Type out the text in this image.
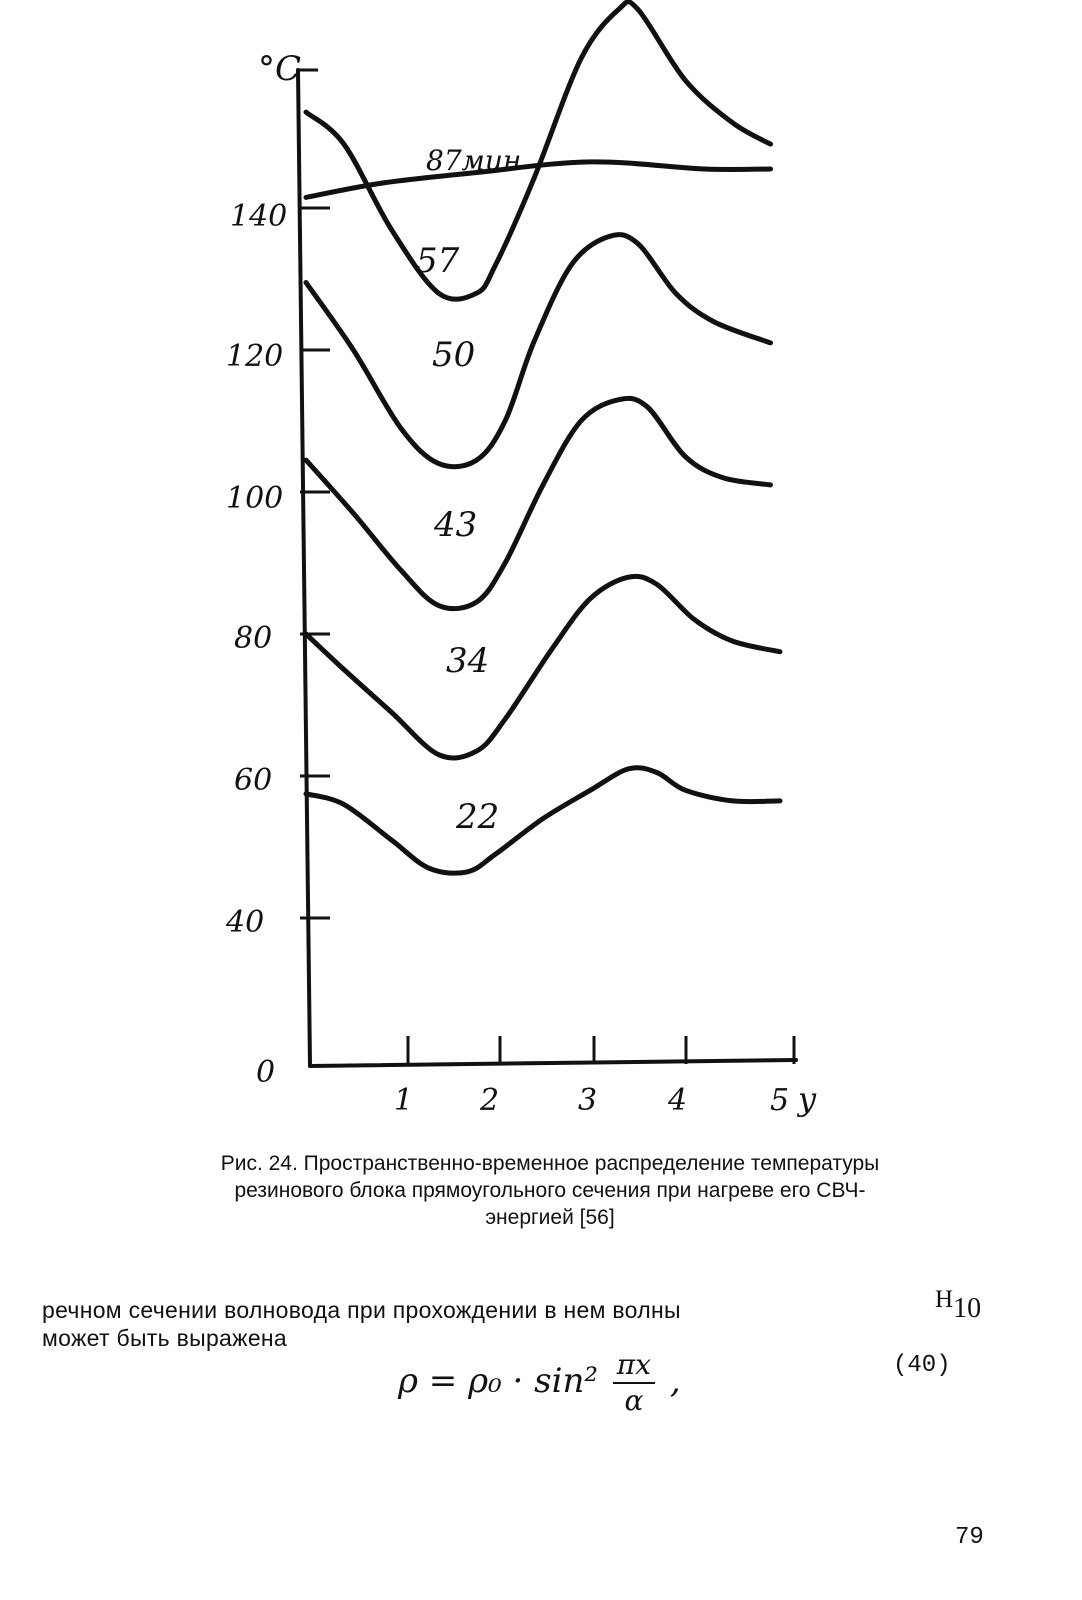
0
40
60
80
100
120
140
1 2	3 4	5
°C
y
87мин
57
50
43
34
22
Рис. 24. Пространственно-временное распределение температуры резинового блока прямоугольного сечения при нагреве его СВЧ-энергией [56]
речном сечении волновода при прохождении в нем волны
может быть выражена
$H_{10}$
$\rho = \rho_0 \cdot \sin^2 \frac{\pi x}{\alpha}$ ,	(40)
79
